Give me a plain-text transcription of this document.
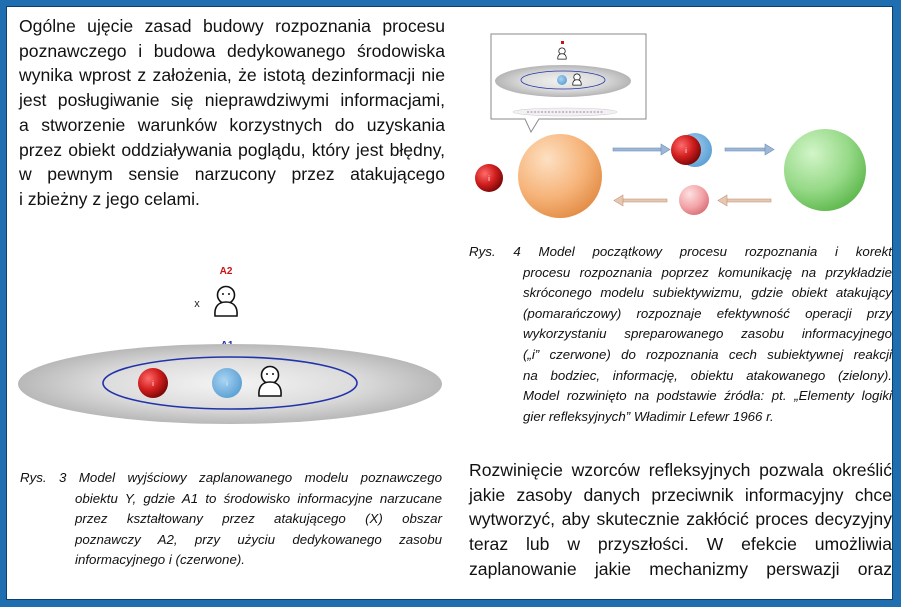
Ogólne ujęcie zasad budowy rozpoznania procesu
poznawczego i budowa dedykowanego środowiska
wynika wprost z założenia, że istotą dezinformacji nie
jest posługiwanie się nieprawdziwymi informacjami,
a stworzenie warunków korzystnych do uzyskania
przez obiekt oddziaływania poglądu, który jest błędny,
w pewnym sensie narzucony przez atakującego
i zbieżny z jego celami.
A2
x
i	i
Rys. 3 Model wyjściowy zaplanowanego modelu poznawczego
obiektu Y, gdzie A1 to środowisko informacyjne narzucane
przez kształtowany przez atakującego (X) obszar
poznawczy A2, przy użyciu dedykowanego zasobu
informacyjnego i (czerwone).
i
i
Rys. 4 Model początkowy procesu rozpoznania i korekt
procesu rozpoznania poprzez komunikację na przykładzie
skróconego modelu subiektywizmu, gdzie obiekt atakujący
(pomarańczowy) rozpoznaje efektywność operacji przy
wykorzystaniu spreparowanego zasobu informacyjnego
(„i” czerwone) do rozpoznania cech subiektywnej reakcji
na bodziec, informację, obiektu atakowanego (zielony).
Model rozwinięto na podstawie źródła: pt. „Elementy logiki
gier refleksyjnych” Władimir Lefewr 1966 r.
Rozwinięcie wzorców refleksyjnych pozwala określić
jakie zasoby danych przeciwnik informacyjny chce
wytworzyć, aby skutecznie zakłócić proces decyzyjny
teraz lub w przyszłości. W efekcie umożliwia
zaplanowanie jakie mechanizmy perswazji oraz
